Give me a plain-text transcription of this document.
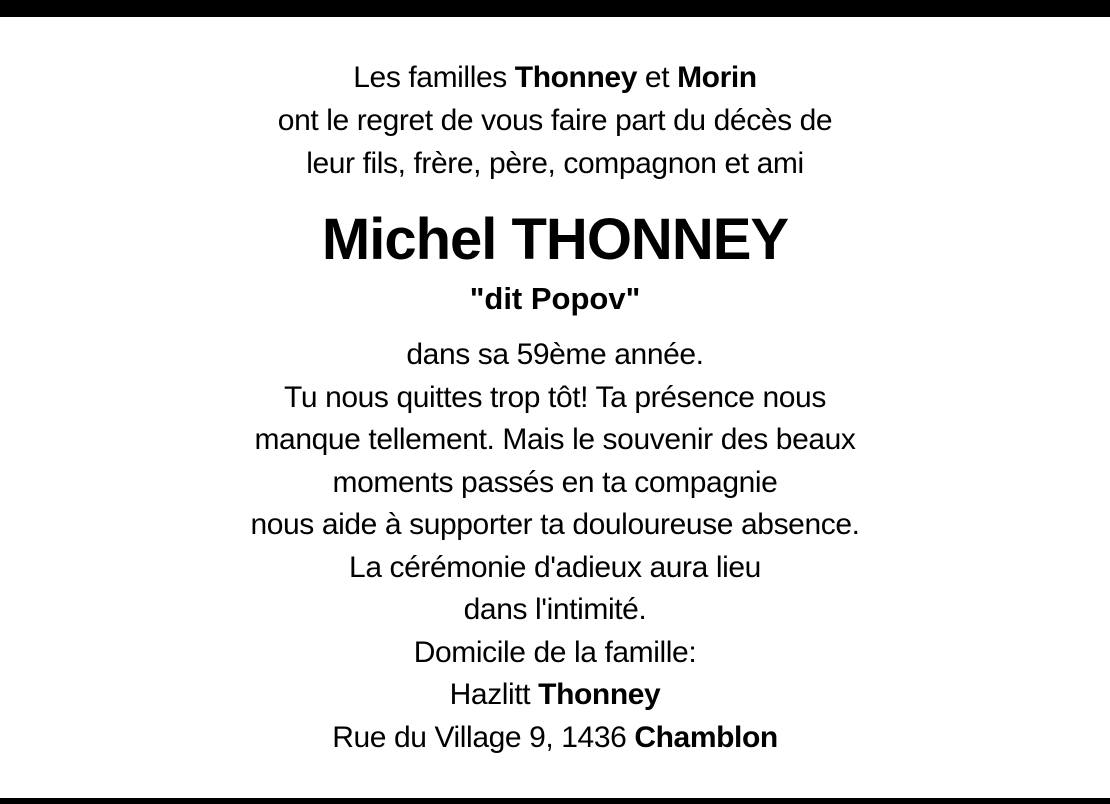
Les familles Thonney et Morin
ont le regret de vous faire part du décès de
leur fils, frère, père, compagnon et ami
Michel THONNEY
"dit Popov"
dans sa 59ème année.
Tu nous quittes trop tôt! Ta présence nous
manque tellement. Mais le souvenir des beaux
moments passés en ta compagnie
nous aide à supporter ta douloureuse absence.
La cérémonie d'adieux aura lieu
dans l'intimité.
Domicile de la famille:
Hazlitt Thonney
Rue du Village 9, 1436 Chamblon
